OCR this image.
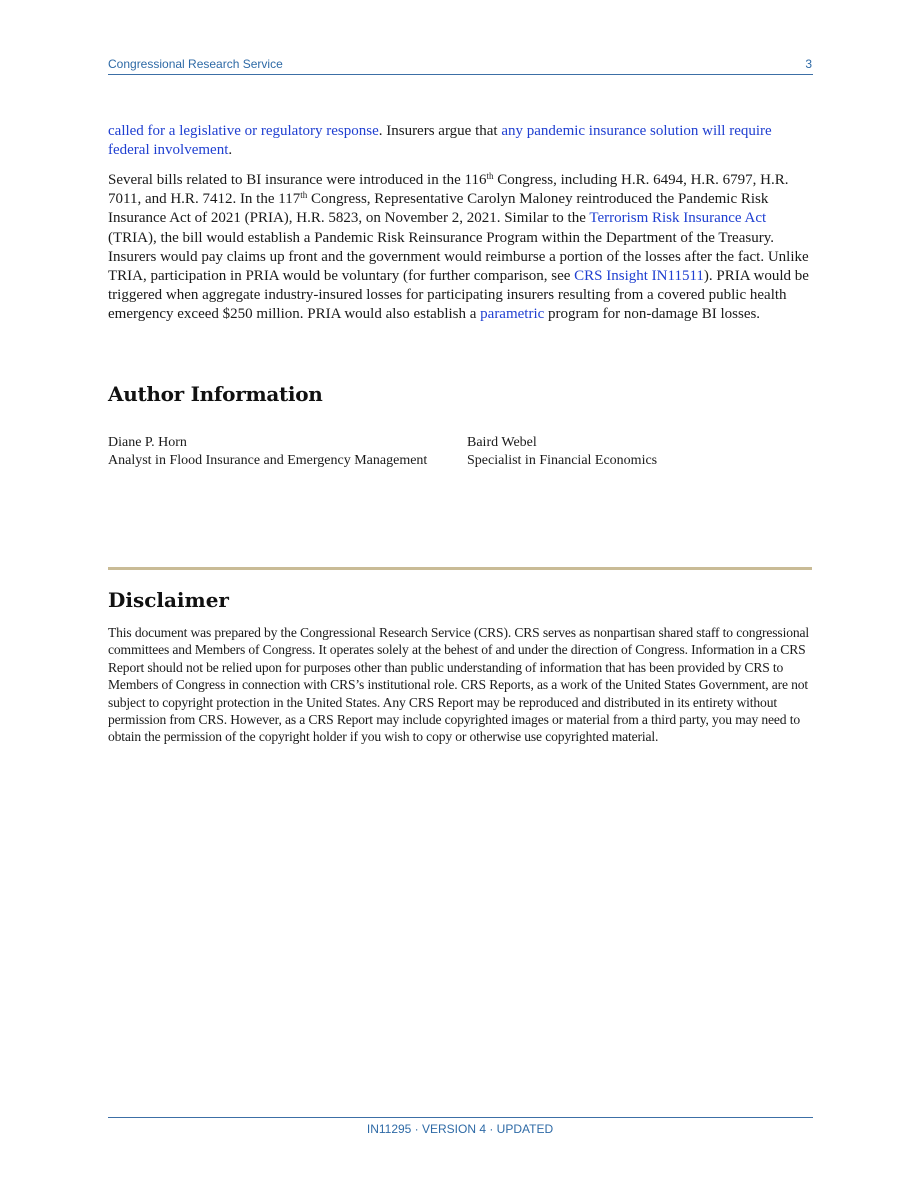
Congressional Research Service	3

called for a legislative or regulatory response. Insurers argue that any pandemic insurance solution will require federal involvement.

Several bills related to BI insurance were introduced in the 116th Congress, including H.R. 6494, H.R. 6797, H.R. 7011, and H.R. 7412. In the 117th Congress, Representative Carolyn Maloney reintroduced the Pandemic Risk Insurance Act of 2021 (PRIA), H.R. 5823, on November 2, 2021. Similar to the Terrorism Risk Insurance Act (TRIA), the bill would establish a Pandemic Risk Reinsurance Program within the Department of the Treasury. Insurers would pay claims up front and the government would reimburse a portion of the losses after the fact. Unlike TRIA, participation in PRIA would be voluntary (for further comparison, see CRS Insight IN11511). PRIA would be triggered when aggregate industry-insured losses for participating insurers resulting from a covered public health emergency exceed $250 million. PRIA would also establish a parametric program for non-damage BI losses.

Author Information
Diane P. Horn
Analyst in Flood Insurance and Emergency Management
Baird Webel
Specialist in Financial Economics
Disclaimer

This document was prepared by the Congressional Research Service (CRS). CRS serves as nonpartisan shared staff to congressional committees and Members of Congress. It operates solely at the behest of and under the direction of Congress. Information in a CRS Report should not be relied upon for purposes other than public understanding of information that has been provided by CRS to Members of Congress in connection with CRS’s institutional role. CRS Reports, as a work of the United States Government, are not subject to copyright protection in the United States. Any CRS Report may be reproduced and distributed in its entirety without permission from CRS. However, as a CRS Report may include copyrighted images or material from a third party, you may need to obtain the permission of the copyright holder if you wish to copy or otherwise use copyrighted material.

IN11295 · VERSION 4 · UPDATED
